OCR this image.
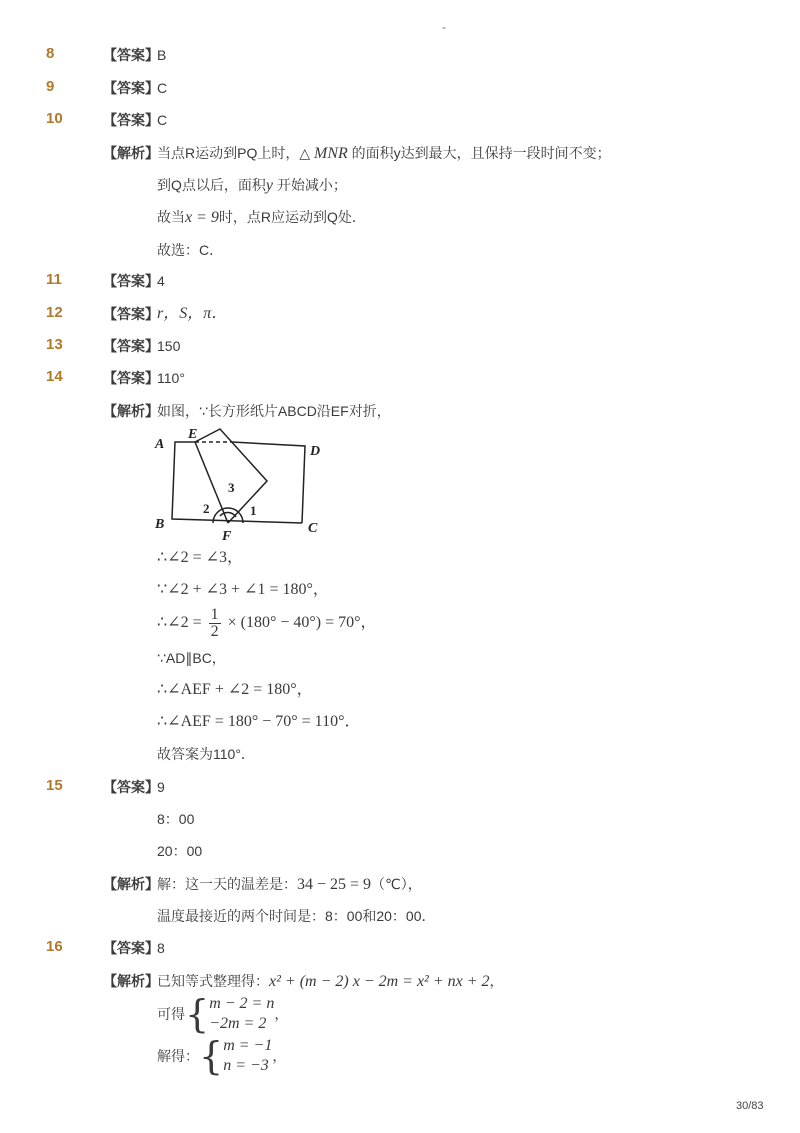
-
8	【答案】
B
9	【答案】
C
10	【答案】
C
【解析】
当点R运动到PQ上时，△ MNR 的面积y达到最大，且保持一段时间不变；
到Q点以后，面积y 开始减小；
故当x = 9时，点R应运动到Q处．
故选：C．
11	【答案】
4
12	【答案】
r，S，π．
13	【答案】
150
14	【答案】
110°
【解析】
如图，∵长方形纸片ABCD沿EF对折，
A
E
D
B
F
C
1
2
3
∴∠2 = ∠3，
∵∠2 + ∠3 + ∠1 = 180°，
∴∠2 = $\frac{1}{2} \times (180^\circ - 40^\circ) = 70^\circ$，
∵AD∥BC，
∴∠AEF + ∠2 = 180°，
∴∠AEF = 180° − 70° = 110°．
故答案为110°．
15	【答案】
9
8：00
20：00
【解析】
解：这一天的温差是：34 − 25 = 9（℃），
温度最接近的两个时间是：8：00和20：00．
16	【答案】
8
【解析】
已知等式整理得：x² + (m − 2) x − 2m = x² + nx + 2，
可得{ m − 2 = n
−2m = 2
，
解得：{ m = −1
n = −3
，
30/83
